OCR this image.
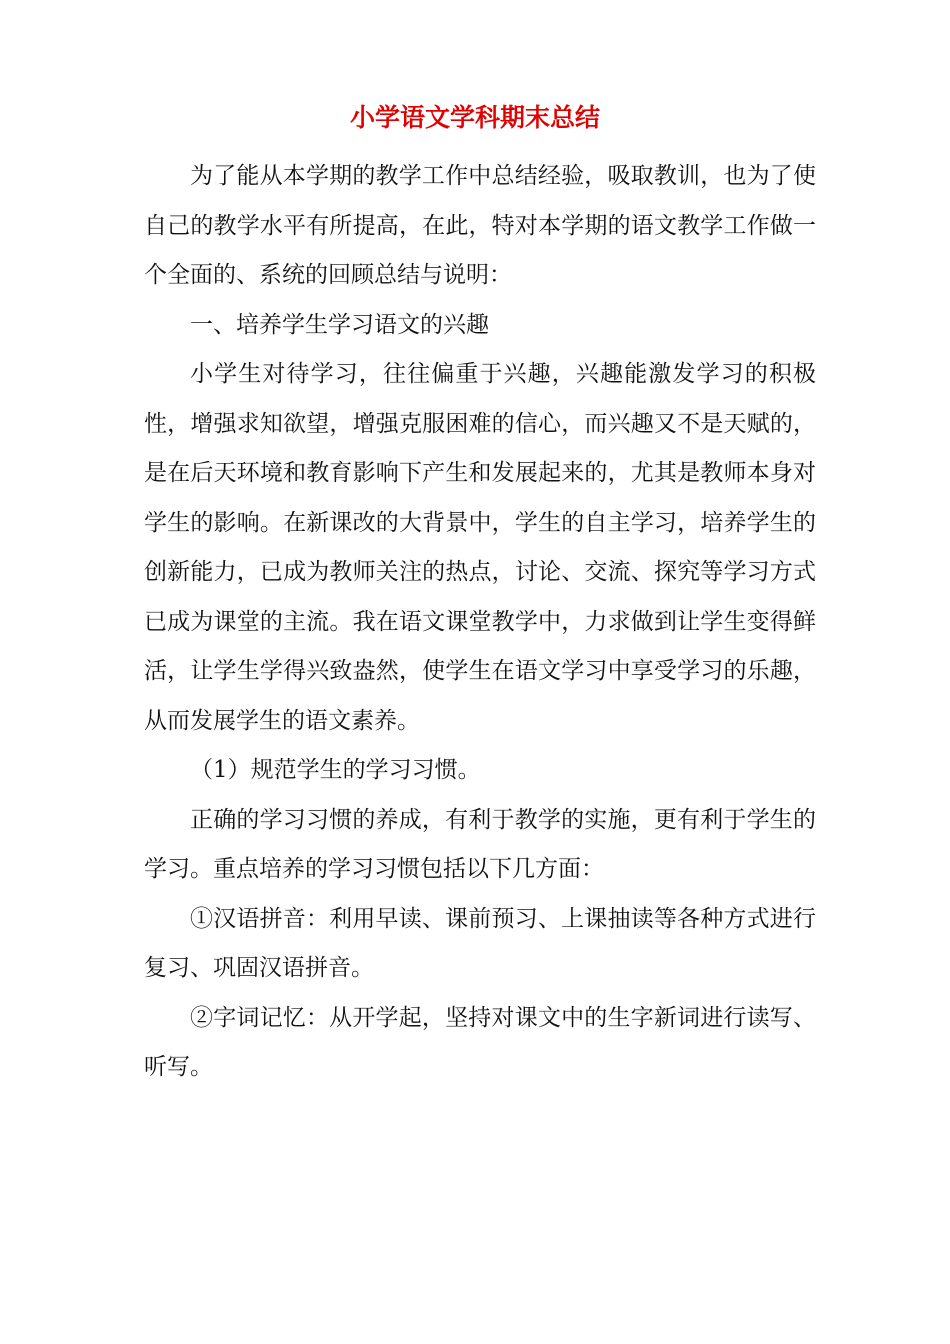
小学语文学科期末总结

为了能从本学期的教学工作中总结经验，吸取教训，也为了使自己的教学水平有所提高，在此，特对本学期的语文教学工作做一个全面的、系统的回顾总结与说明：

一、培养学生学习语文的兴趣

小学生对待学习，往往偏重于兴趣，兴趣能激发学习的积极性，增强求知欲望，增强克服困难的信心，而兴趣又不是天赋的，是在后天环境和教育影响下产生和发展起来的，尤其是教师本身对学生的影响。在新课改的大背景中，学生的自主学习，培养学生的创新能力，已成为教师关注的热点，讨论、交流、探究等学习方式已成为课堂的主流。我在语文课堂教学中，力求做到让学生变得鲜活，让学生学得兴致盎然，使学生在语文学习中享受学习的乐趣，从而发展学生的语文素养。

（1）规范学生的学习习惯。

正确的学习习惯的养成，有利于教学的实施，更有利于学生的学习。重点培养的学习习惯包括以下几方面：

①汉语拼音：利用早读、课前预习、上课抽读等各种方式进行复习、巩固汉语拼音。

②字词记忆：从开学起，坚持对课文中的生字新词进行读写、听写。
